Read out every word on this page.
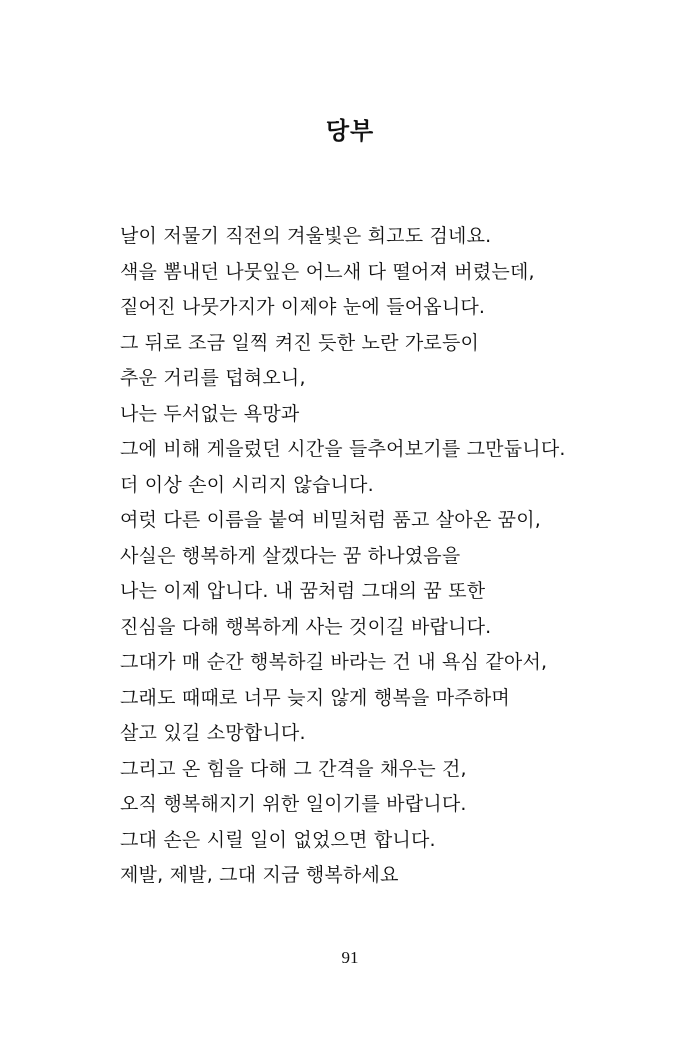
당부
날이 저물기 직전의 겨울빛은 희고도 검네요.
색을 뽐내던 나뭇잎은 어느새 다 떨어져 버렸는데,
짙어진 나뭇가지가 이제야 눈에 들어옵니다.
그 뒤로 조금 일찍 켜진 듯한 노란 가로등이
추운 거리를 덥혀오니,
나는 두서없는 욕망과
그에 비해 게을렀던 시간을 들추어보기를 그만둡니다.
더 이상 손이 시리지 않습니다.
여럿 다른 이름을 붙여 비밀처럼 품고 살아온 꿈이,
사실은 행복하게 살겠다는 꿈 하나였음을
나는 이제 압니다. 내 꿈처럼 그대의 꿈 또한
진심을 다해 행복하게 사는 것이길 바랍니다.
그대가 매 순간 행복하길 바라는 건 내 욕심 같아서,
그래도 때때로 너무 늦지 않게 행복을 마주하며
살고 있길 소망합니다.
그리고 온 힘을 다해 그 간격을 채우는 건,
오직 행복해지기 위한 일이기를 바랍니다.
그대 손은 시릴 일이 없었으면 합니다.
제발, 제발, 그대 지금 행복하세요
91
